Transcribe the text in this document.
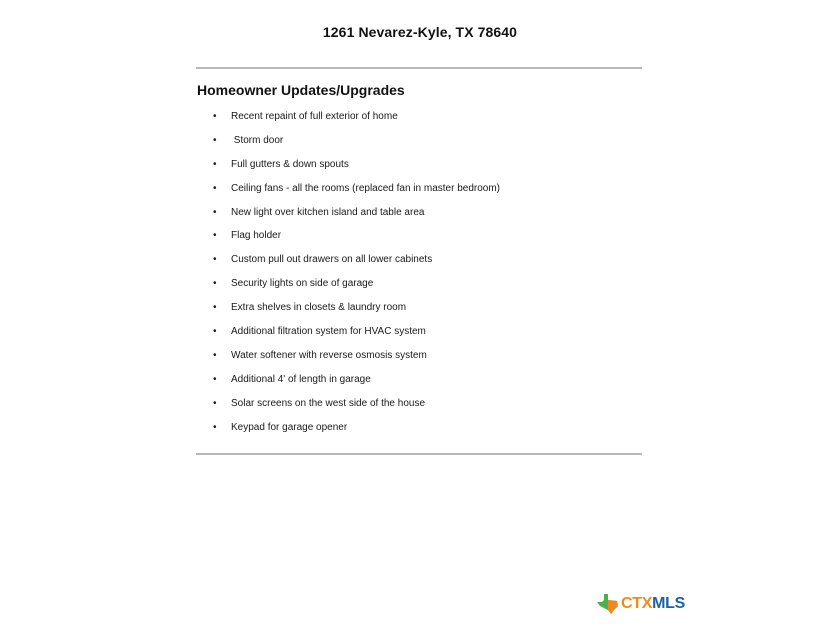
1261 Nevarez-Kyle, TX 78640
Homeowner Updates/Upgrades
• Recent repaint of full exterior of home
• Storm door
• Full gutters & down spouts
• Ceiling fans - all the rooms (replaced fan in master bedroom)
• New light over kitchen island and table area
• Flag holder
• Custom pull out drawers on all lower cabinets
• Security lights on side of garage
• Extra shelves in closets & laundry room
• Additional filtration system for HVAC system
• Water softener with reverse osmosis system
• Additional 4' of length in garage
• Solar screens on the west side of the house
• Keypad for garage opener
CTXMLS
